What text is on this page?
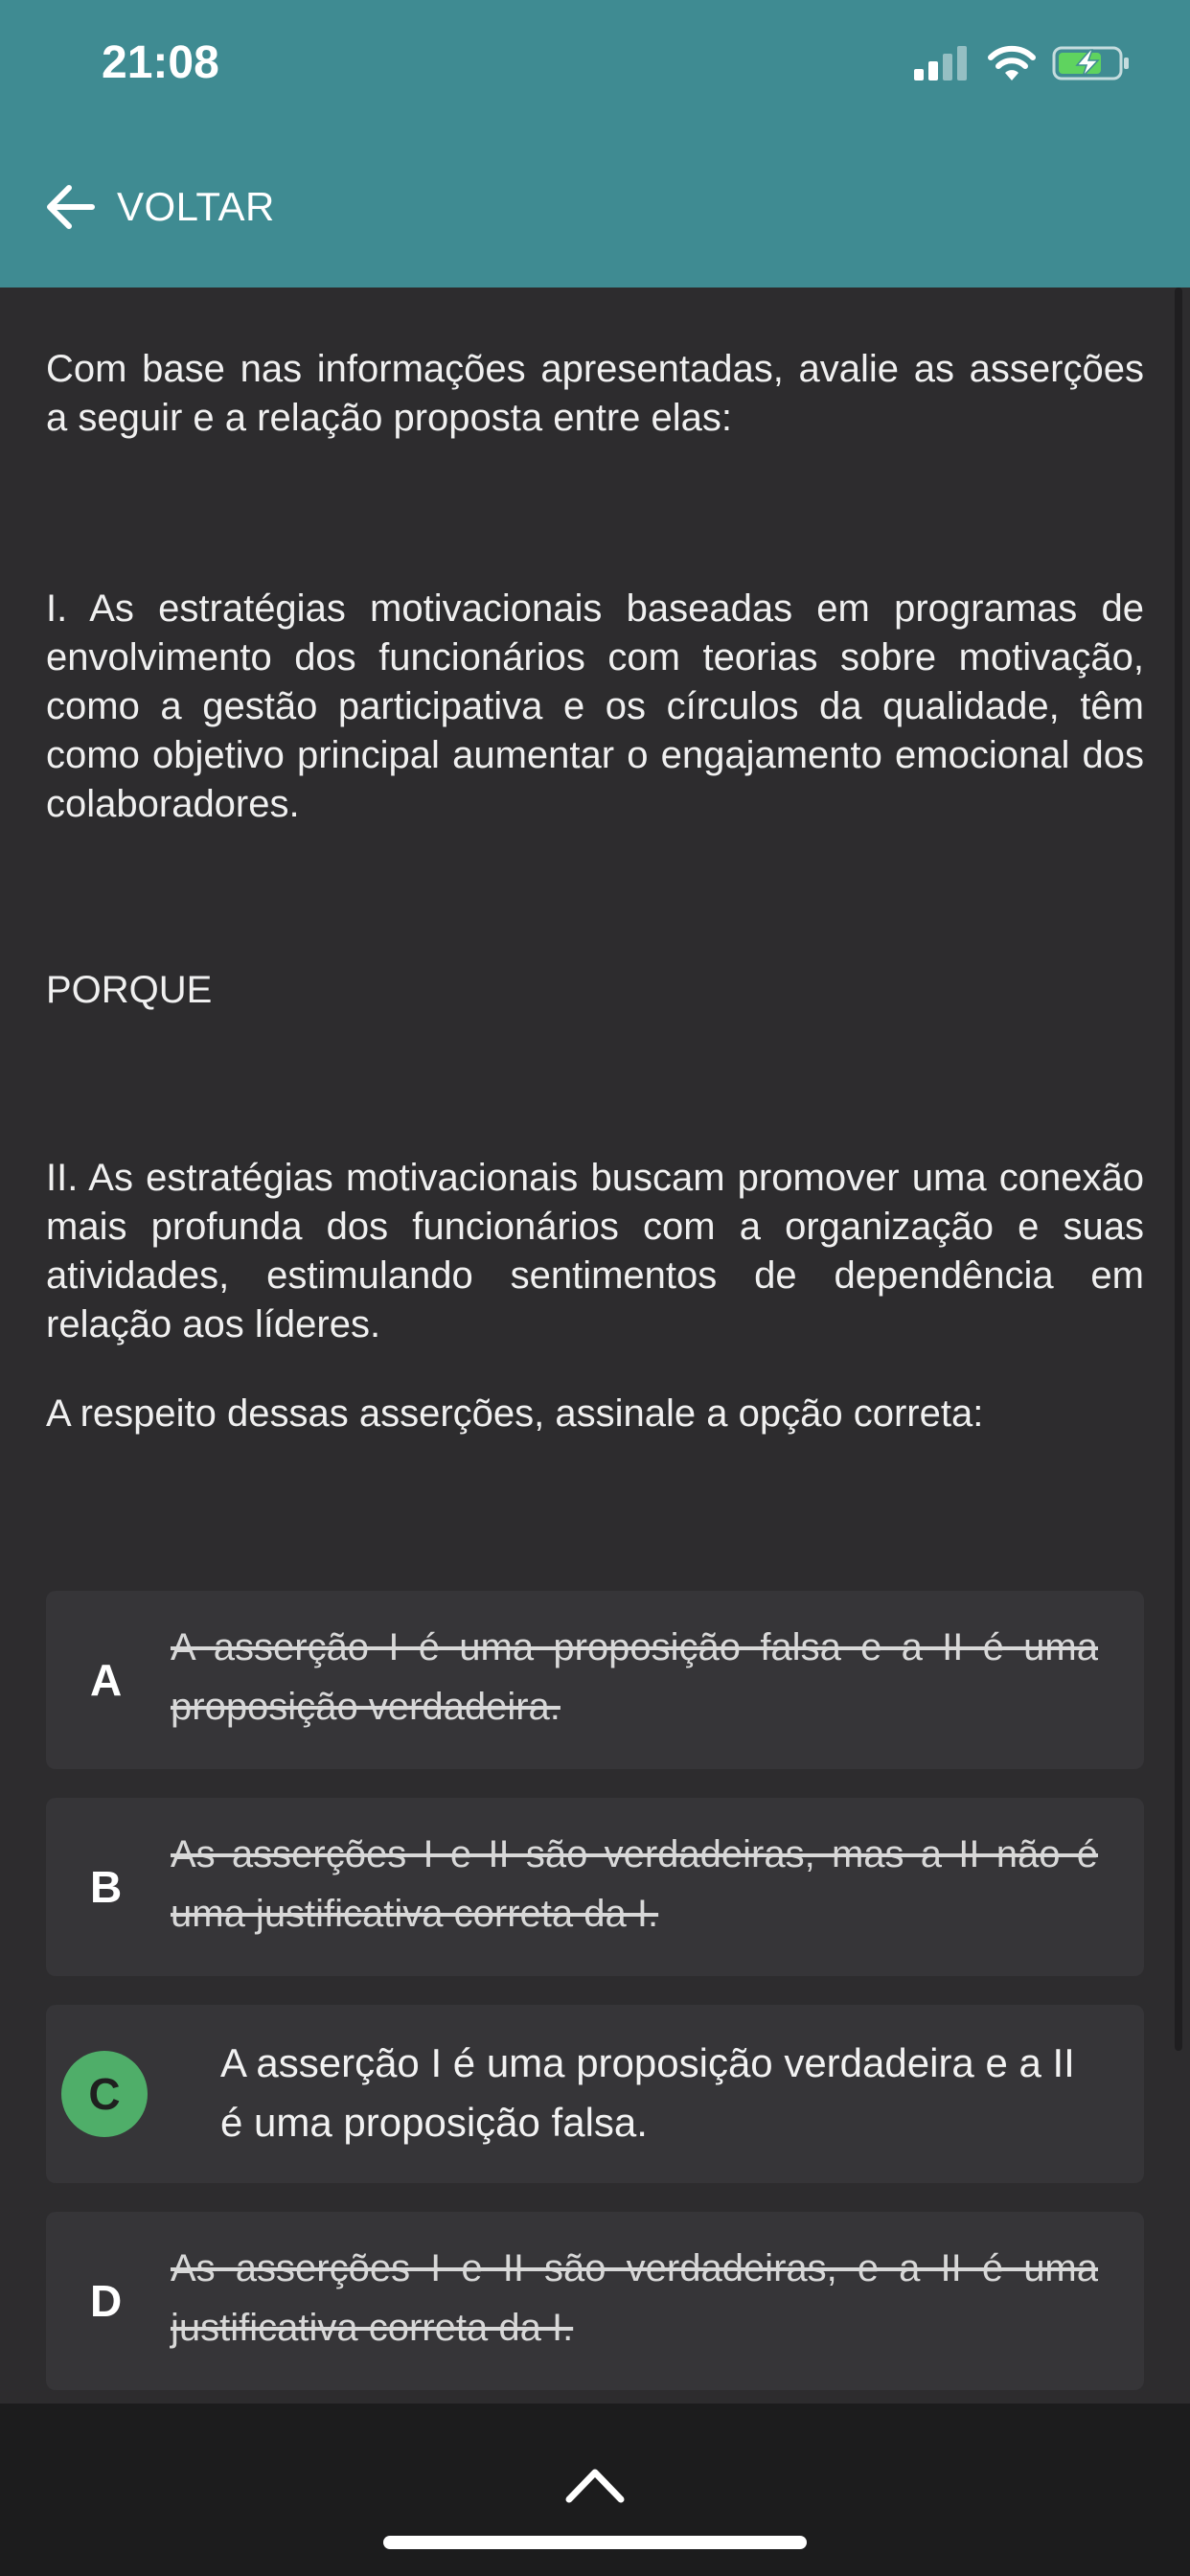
21:08
VOLTAR

Com base nas informações apresentadas, avalie as asserções a seguir e a relação proposta entre elas:

I. As estratégias motivacionais baseadas em programas de envolvimento dos funcionários com teorias sobre motivação, como a gestão participativa e os círculos da qualidade, têm como objetivo principal aumentar o engajamento emocional dos colaboradores.

PORQUE

II. As estratégias motivacionais buscam promover uma conexão mais profunda dos funcionários com a organização e suas atividades, estimulando sentimentos de dependência em relação aos líderes.

A respeito dessas asserções, assinale a opção correta:

A
A asserção I é uma proposição falsa e a II é uma proposição verdadeira.
B
As asserções I e II são verdadeiras, mas a II não é uma justificativa correta da I.
C
A asserção I é uma proposição verdadeira e a II é uma proposição falsa.
D
As asserções I e II são verdadeiras, e a II é uma justificativa correta da I.
